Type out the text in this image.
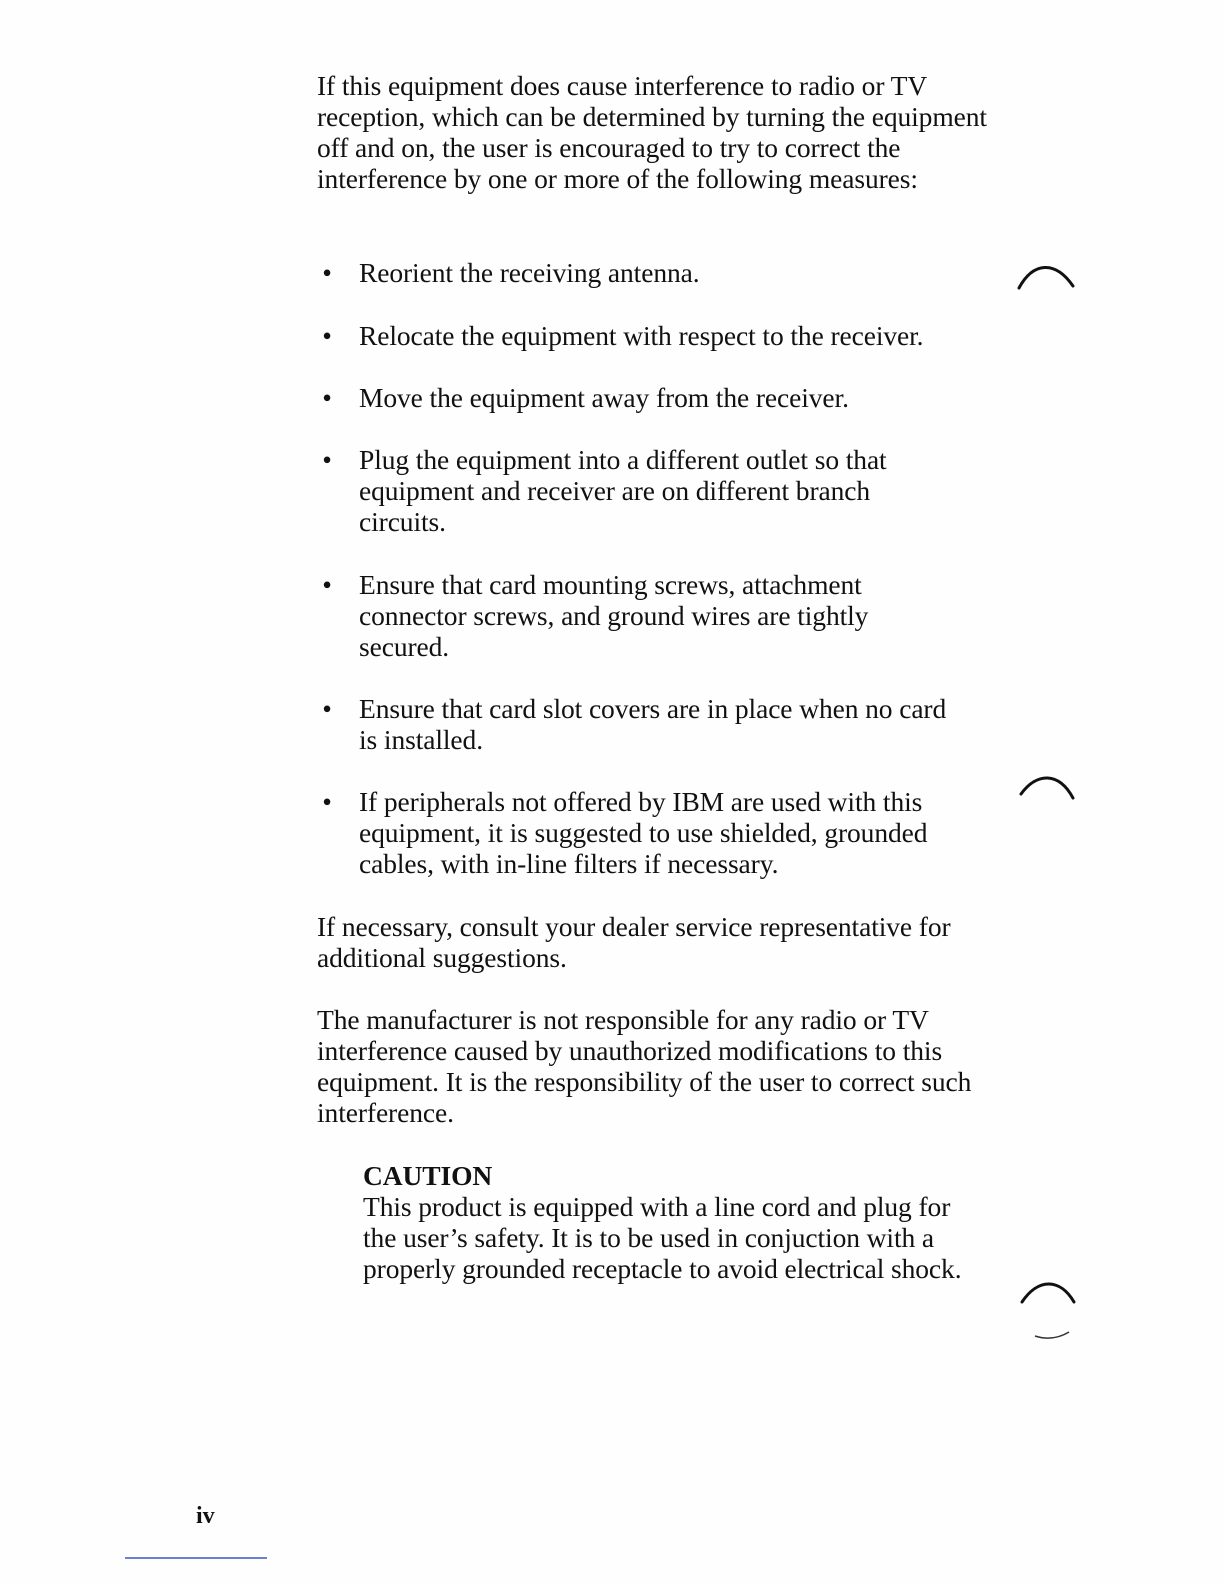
If this equipment does cause interference to radio or TV reception, which can be determined by turning the equipment off and on, the user is encouraged to try to correct the interference by one or more of the following measures:

• Reorient the receiving antenna.
• Relocate the equipment with respect to the receiver.
• Move the equipment away from the receiver.
• Plug the equipment into a different outlet so that equipment and receiver are on different branch circuits.
• Ensure that card mounting screws, attachment connector screws, and ground wires are tightly secured.
• Ensure that card slot covers are in place when no card is installed.
• If peripherals not offered by IBM are used with this equipment, it is suggested to use shielded, grounded cables, with in-line filters if necessary.

If necessary, consult your dealer service representative for additional suggestions.

The manufacturer is not responsible for any radio or TV interference caused by unauthorized modifications to this equipment. It is the responsibility of the user to correct such interference.

CAUTION
This product is equipped with a line cord and plug for the user’s safety. It is to be used in conjuction with a properly grounded receptacle to avoid electrical shock.
iv
